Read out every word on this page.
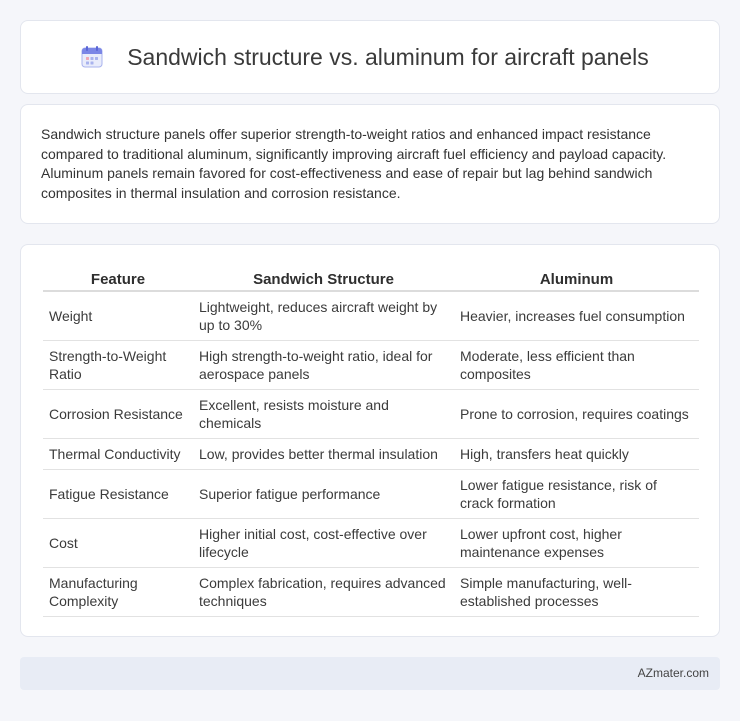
Sandwich structure vs. aluminum for aircraft panels

Sandwich structure panels offer superior strength-to-weight ratios and enhanced impact resistance compared to traditional aluminum, significantly improving aircraft fuel efficiency and payload capacity. Aluminum panels remain favored for cost-effectiveness and ease of repair but lag behind sandwich composites in thermal insulation and corrosion resistance.

Feature	Sandwich Structure	Aluminum
Weight	Lightweight, reduces aircraft weight by up to 30%	Heavier, increases fuel consumption
Strength-to-Weight Ratio	High strength-to-weight ratio, ideal for aerospace panels	Moderate, less efficient than composites
Corrosion Resistance	Excellent, resists moisture and chemicals	Prone to corrosion, requires coatings
Thermal Conductivity	Low, provides better thermal insulation	High, transfers heat quickly
Fatigue Resistance	Superior fatigue performance	Lower fatigue resistance, risk of crack formation
Cost	Higher initial cost, cost-effective over lifecycle	Lower upfront cost, higher maintenance expenses
Manufacturing Complexity	Complex fabrication, requires advanced techniques	Simple manufacturing, well-established processes
AZmater.com
